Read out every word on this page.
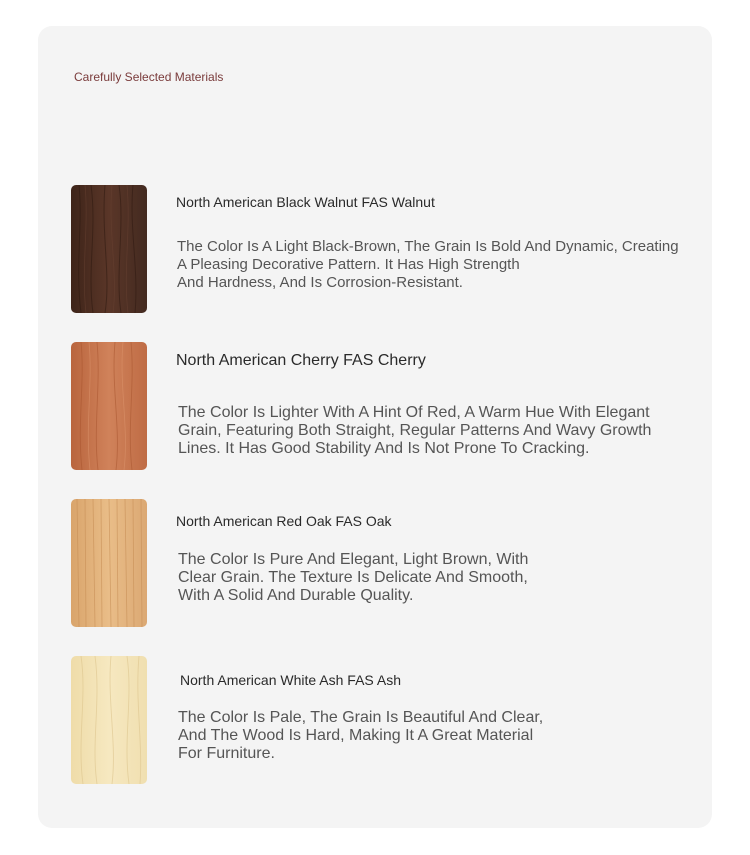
Carefully Selected Materials
North American Black Walnut FAS Walnut
The Color Is A Light Black-Brown, The Grain Is Bold And Dynamic, Creating
A Pleasing Decorative Pattern. It Has High Strength
And Hardness, And Is Corrosion-Resistant.
North American Cherry FAS Cherry
The Color Is Lighter With A Hint Of Red, A Warm Hue With Elegant
Grain, Featuring Both Straight, Regular Patterns And Wavy Growth
Lines. It Has Good Stability And Is Not Prone To Cracking.
North American Red Oak FAS Oak
The Color Is Pure And Elegant, Light Brown, With
Clear Grain. The Texture Is Delicate And Smooth,
With A Solid And Durable Quality.
North American White Ash FAS Ash
The Color Is Pale, The Grain Is Beautiful And Clear,
And The Wood Is Hard, Making It A Great Material
For Furniture.
